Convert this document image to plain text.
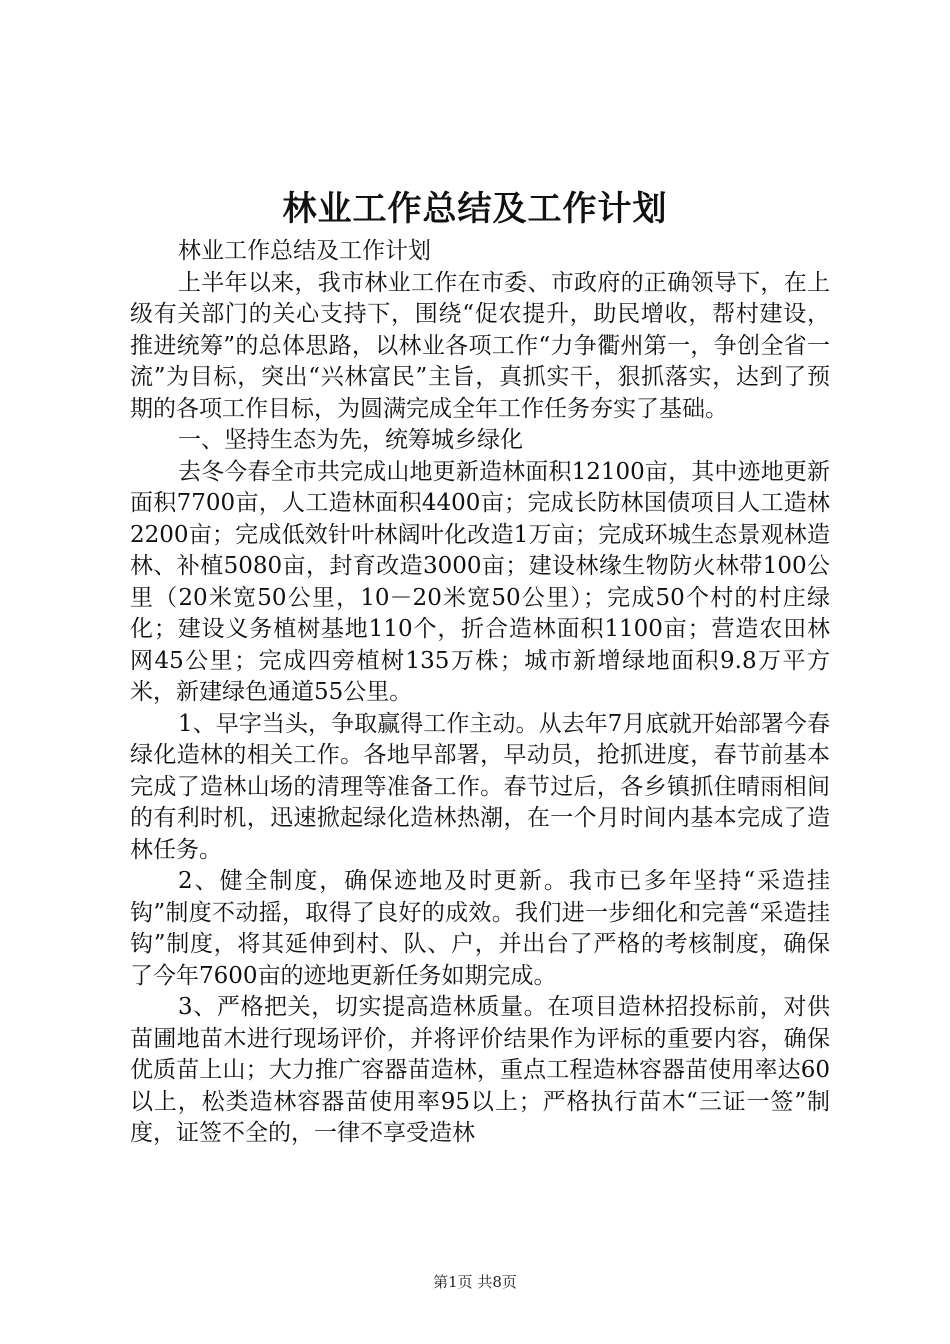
林业工作总结及工作计划

林业工作总结及工作计划

上半年以来，我市林业工作在市委、市政府的正确领导下，在上级有关部门的关心支持下，围绕“促农提升，助民增收，帮村建设，推进统筹”的总体思路，以林业各项工作“力争衢州第一，争创全省一流”为目标，突出“兴林富民”主旨，真抓实干，狠抓落实，达到了预期的各项工作目标，为圆满完成全年工作任务夯实了基础。

一、坚持生态为先，统筹城乡绿化

去冬今春全市共完成山地更新造林面积12100亩，其中迹地更新面积7700亩，人工造林面积4400亩；完成长防林国债项目人工造林2200亩；完成低效针叶林阔叶化改造1万亩；完成环城生态景观林造林、补植5080亩，封育改造3000亩；建设林缘生物防火林带100公里（20米宽50公里，10－20米宽50公里）；完成50个村的村庄绿化；建设义务植树基地110个，折合造林面积1100亩；营造农田林网45公里；完成四旁植树135万株；城市新增绿地面积9.8万平方米，新建绿色通道55公里。

1、早字当头，争取赢得工作主动。从去年7月底就开始部署今春绿化造林的相关工作。各地早部署，早动员，抢抓进度，春节前基本完成了造林山场的清理等准备工作。春节过后，各乡镇抓住晴雨相间的有利时机，迅速掀起绿化造林热潮，在一个月时间内基本完成了造林任务。

2、健全制度，确保迹地及时更新。我市已多年坚持“采造挂钩”制度不动摇，取得了良好的成效。我们进一步细化和完善“采造挂钩”制度，将其延伸到村、队、户，并出台了严格的考核制度，确保了今年7600亩的迹地更新任务如期完成。

3、严格把关，切实提高造林质量。在项目造林招投标前，对供苗圃地苗木进行现场评价，并将评价结果作为评标的重要内容，确保优质苗上山；大力推广容器苗造林，重点工程造林容器苗使用率达60以上，松类造林容器苗使用率95以上；严格执行苗木“三证一签”制度，证签不全的，一律不享受造林

第1页 共8页
